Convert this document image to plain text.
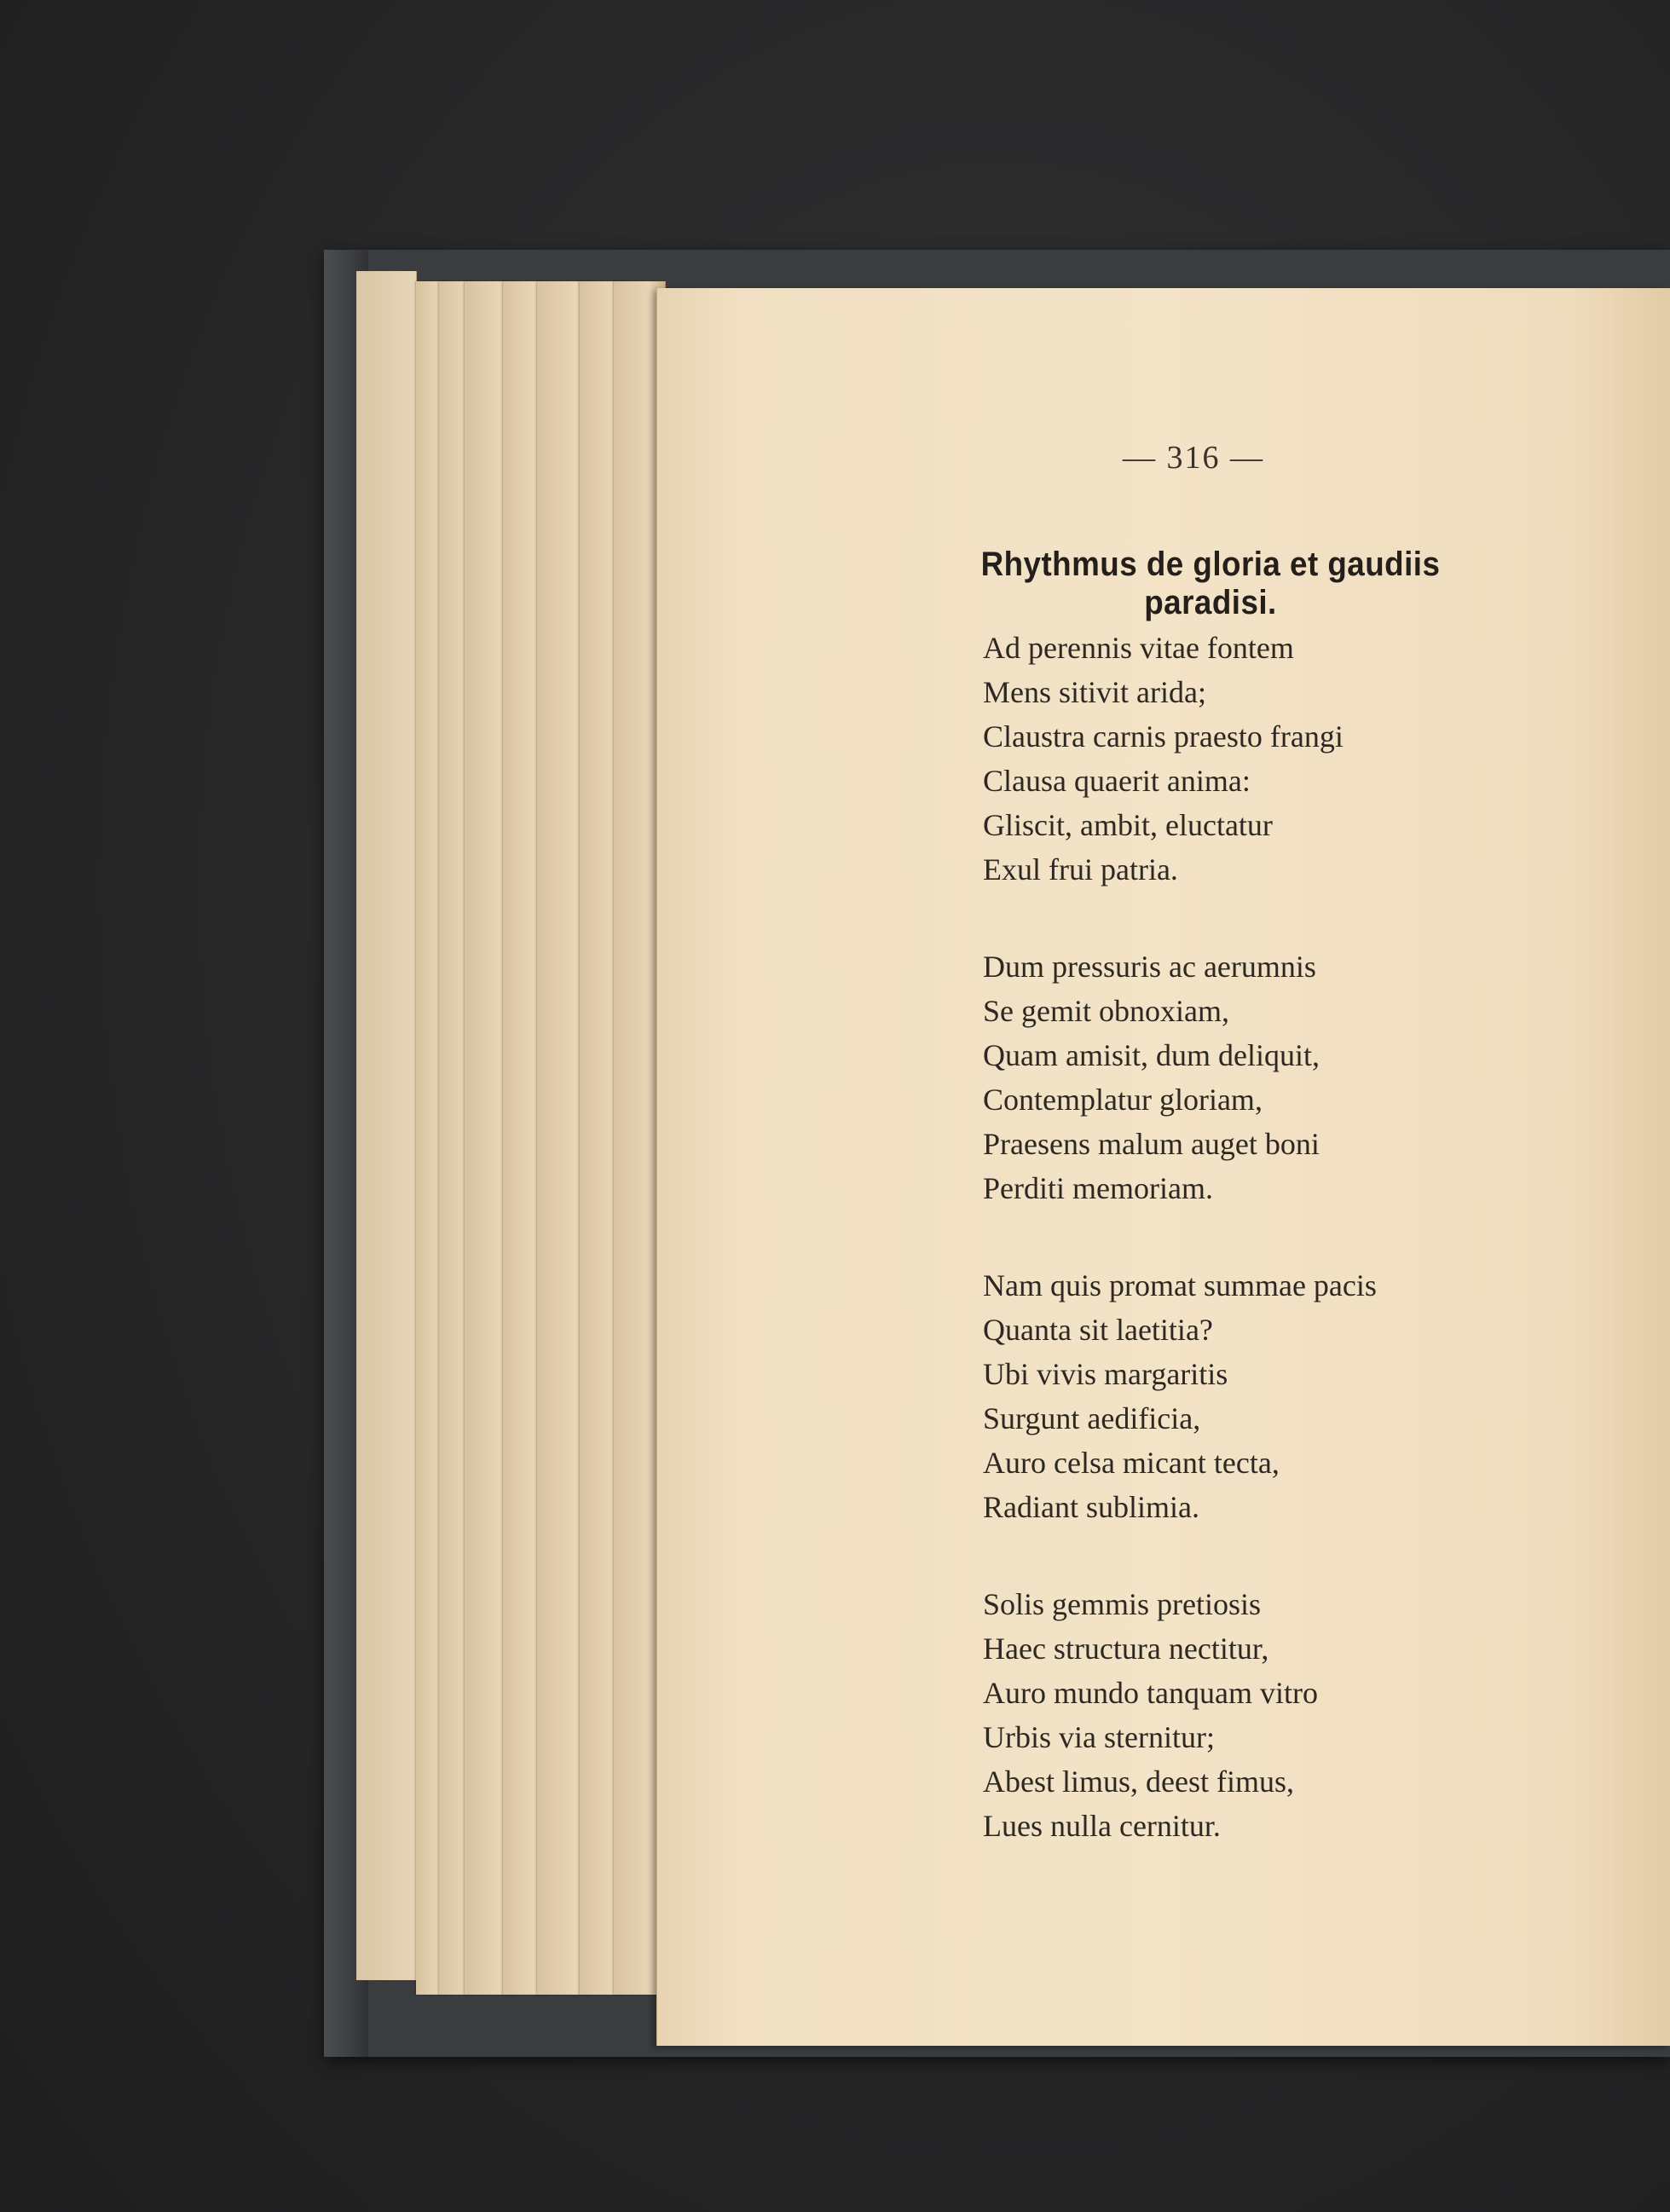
— 316 —
Rhythmus de gloria et gaudiis paradisi.
Ad perennis vitae fontem
Mens sitivit arida;
Claustra carnis praesto frangi
Clausa quaerit anima:
Gliscit, ambit, eluctatur
Exul frui patria.
Dum pressuris ac aerumnis
Se gemit obnoxiam,
Quam amisit, dum deliquit,
Contemplatur gloriam,
Praesens malum auget boni
Perditi memoriam.
Nam quis promat summae pacis
Quanta sit laetitia?
Ubi vivis margaritis
Surgunt aedificia,
Auro celsa micant tecta,
Radiant sublimia.
Solis gemmis pretiosis
Haec structura nectitur,
Auro mundo tanquam vitro
Urbis via sternitur;
Abest limus, deest fimus,
Lues nulla cernitur.
